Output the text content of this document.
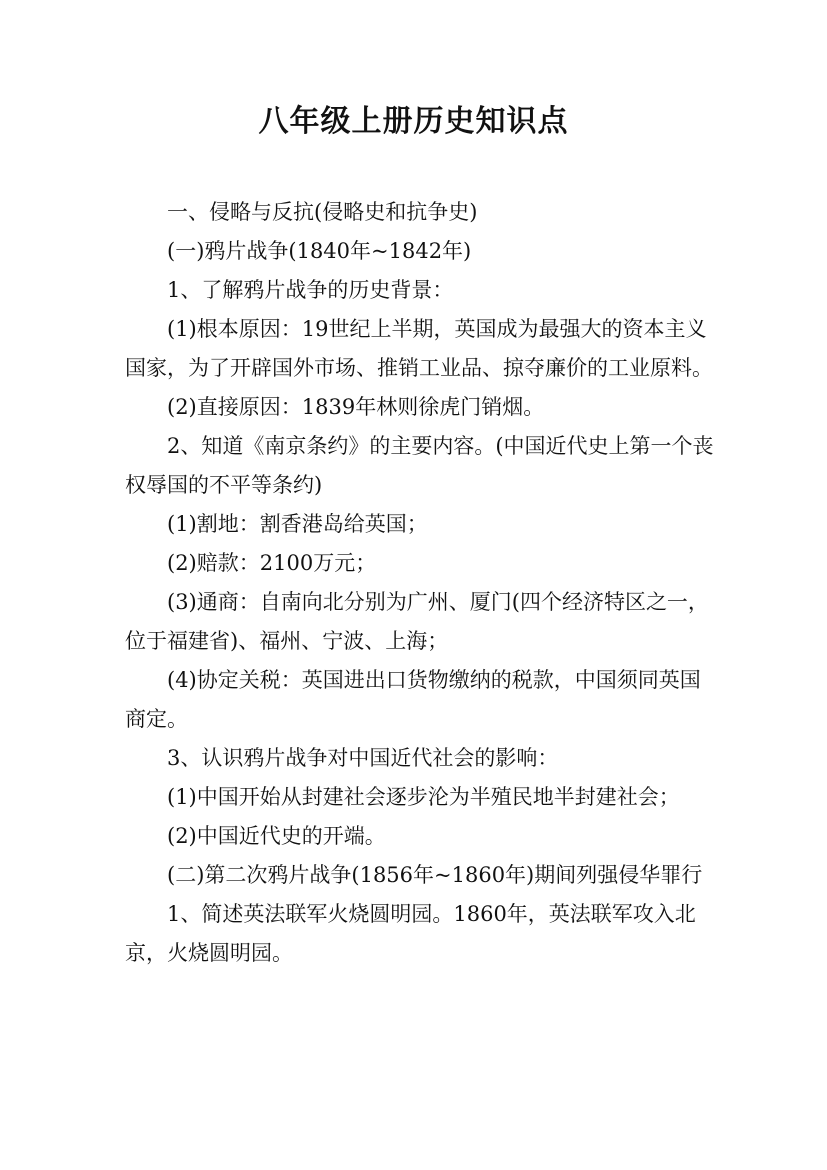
八年级上册历史知识点

一、侵略与反抗(侵略史和抗争史)

(一)鸦片战争(1840年~1842年)

1、了解鸦片战争的历史背景：

(1)根本原因：19世纪上半期，英国成为最强大的资本主义国家，为了开辟国外市场、推销工业品、掠夺廉价的工业原料。

(2)直接原因：1839年林则徐虎门销烟。

2、知道《南京条约》的主要内容。(中国近代史上第一个丧权辱国的不平等条约)

(1)割地：割香港岛给英国；

(2)赔款：2100万元；

(3)通商：自南向北分别为广州、厦门(四个经济特区之一，位于福建省)、福州、宁波、上海；

(4)协定关税：英国进出口货物缴纳的税款，中国须同英国商定。

3、认识鸦片战争对中国近代社会的影响：

(1)中国开始从封建社会逐步沦为半殖民地半封建社会；

(2)中国近代史的开端。

(二)第二次鸦片战争(1856年~1860年)期间列强侵华罪行

1、简述英法联军火烧圆明园。1860年，英法联军攻入北京，火烧圆明园。
